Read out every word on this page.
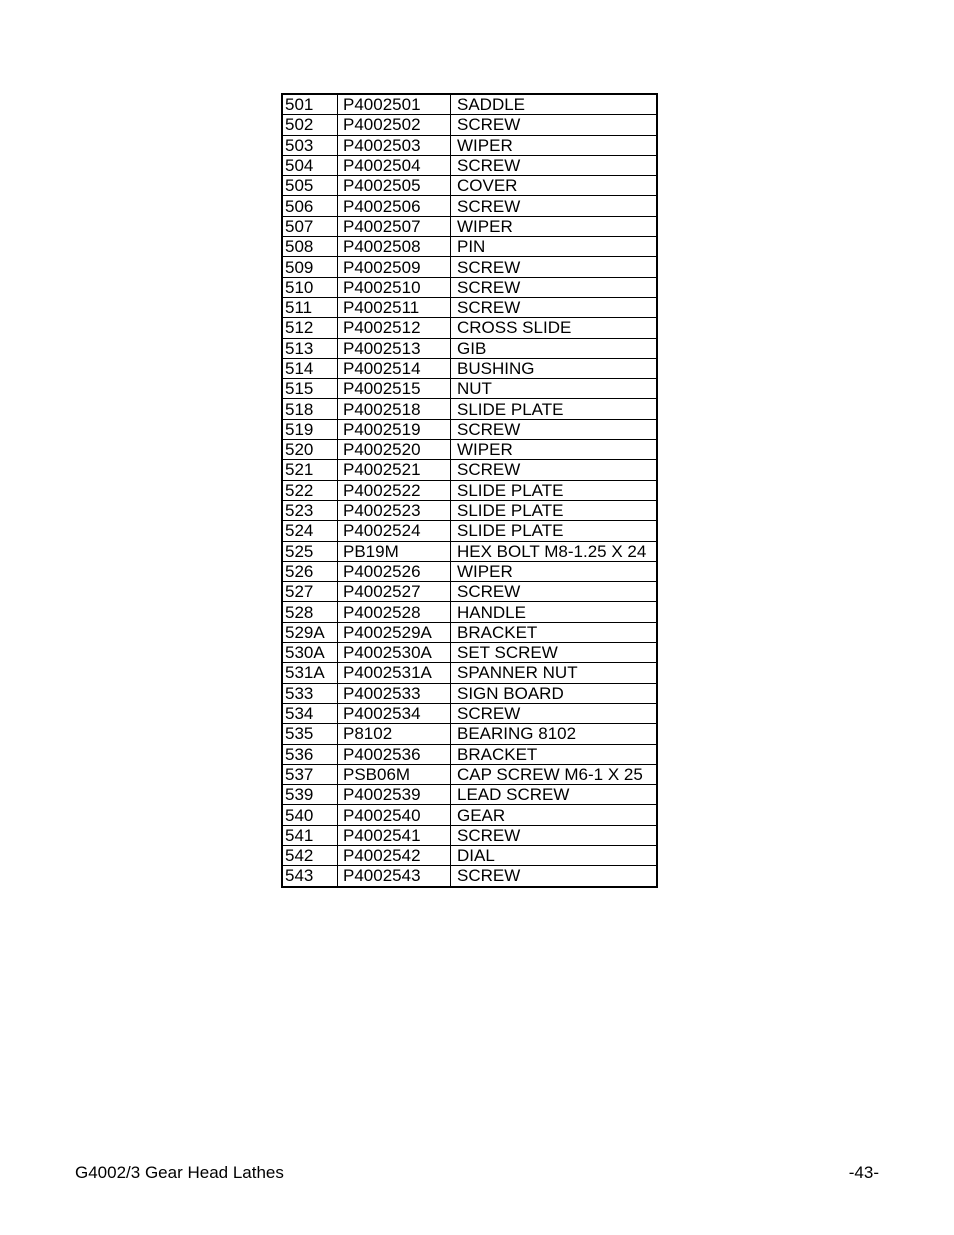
501	P4002501	SADDLE
502	P4002502	SCREW
503	P4002503	WIPER
504	P4002504	SCREW
505	P4002505	COVER
506	P4002506	SCREW
507	P4002507	WIPER
508	P4002508	PIN
509	P4002509	SCREW
510	P4002510	SCREW
511	P4002511	SCREW
512	P4002512	CROSS SLIDE
513	P4002513	GIB
514	P4002514	BUSHING
515	P4002515	NUT
518	P4002518	SLIDE PLATE
519	P4002519	SCREW
520	P4002520	WIPER
521	P4002521	SCREW
522	P4002522	SLIDE PLATE
523	P4002523	SLIDE PLATE
524	P4002524	SLIDE PLATE
525	PB19M	HEX BOLT M8-1.25 X 24
526	P4002526	WIPER
527	P4002527	SCREW
528	P4002528	HANDLE
529A	P4002529A	BRACKET
530A	P4002530A	SET SCREW
531A	P4002531A	SPANNER NUT
533	P4002533	SIGN BOARD
534	P4002534	SCREW
535	P8102	BEARING 8102
536	P4002536	BRACKET
537	PSB06M	CAP SCREW M6-1 X 25
539	P4002539	LEAD SCREW
540	P4002540	GEAR
541	P4002541	SCREW
542	P4002542	DIAL
543	P4002543	SCREW
G4002/3 Gear Head Lathes	-43-
